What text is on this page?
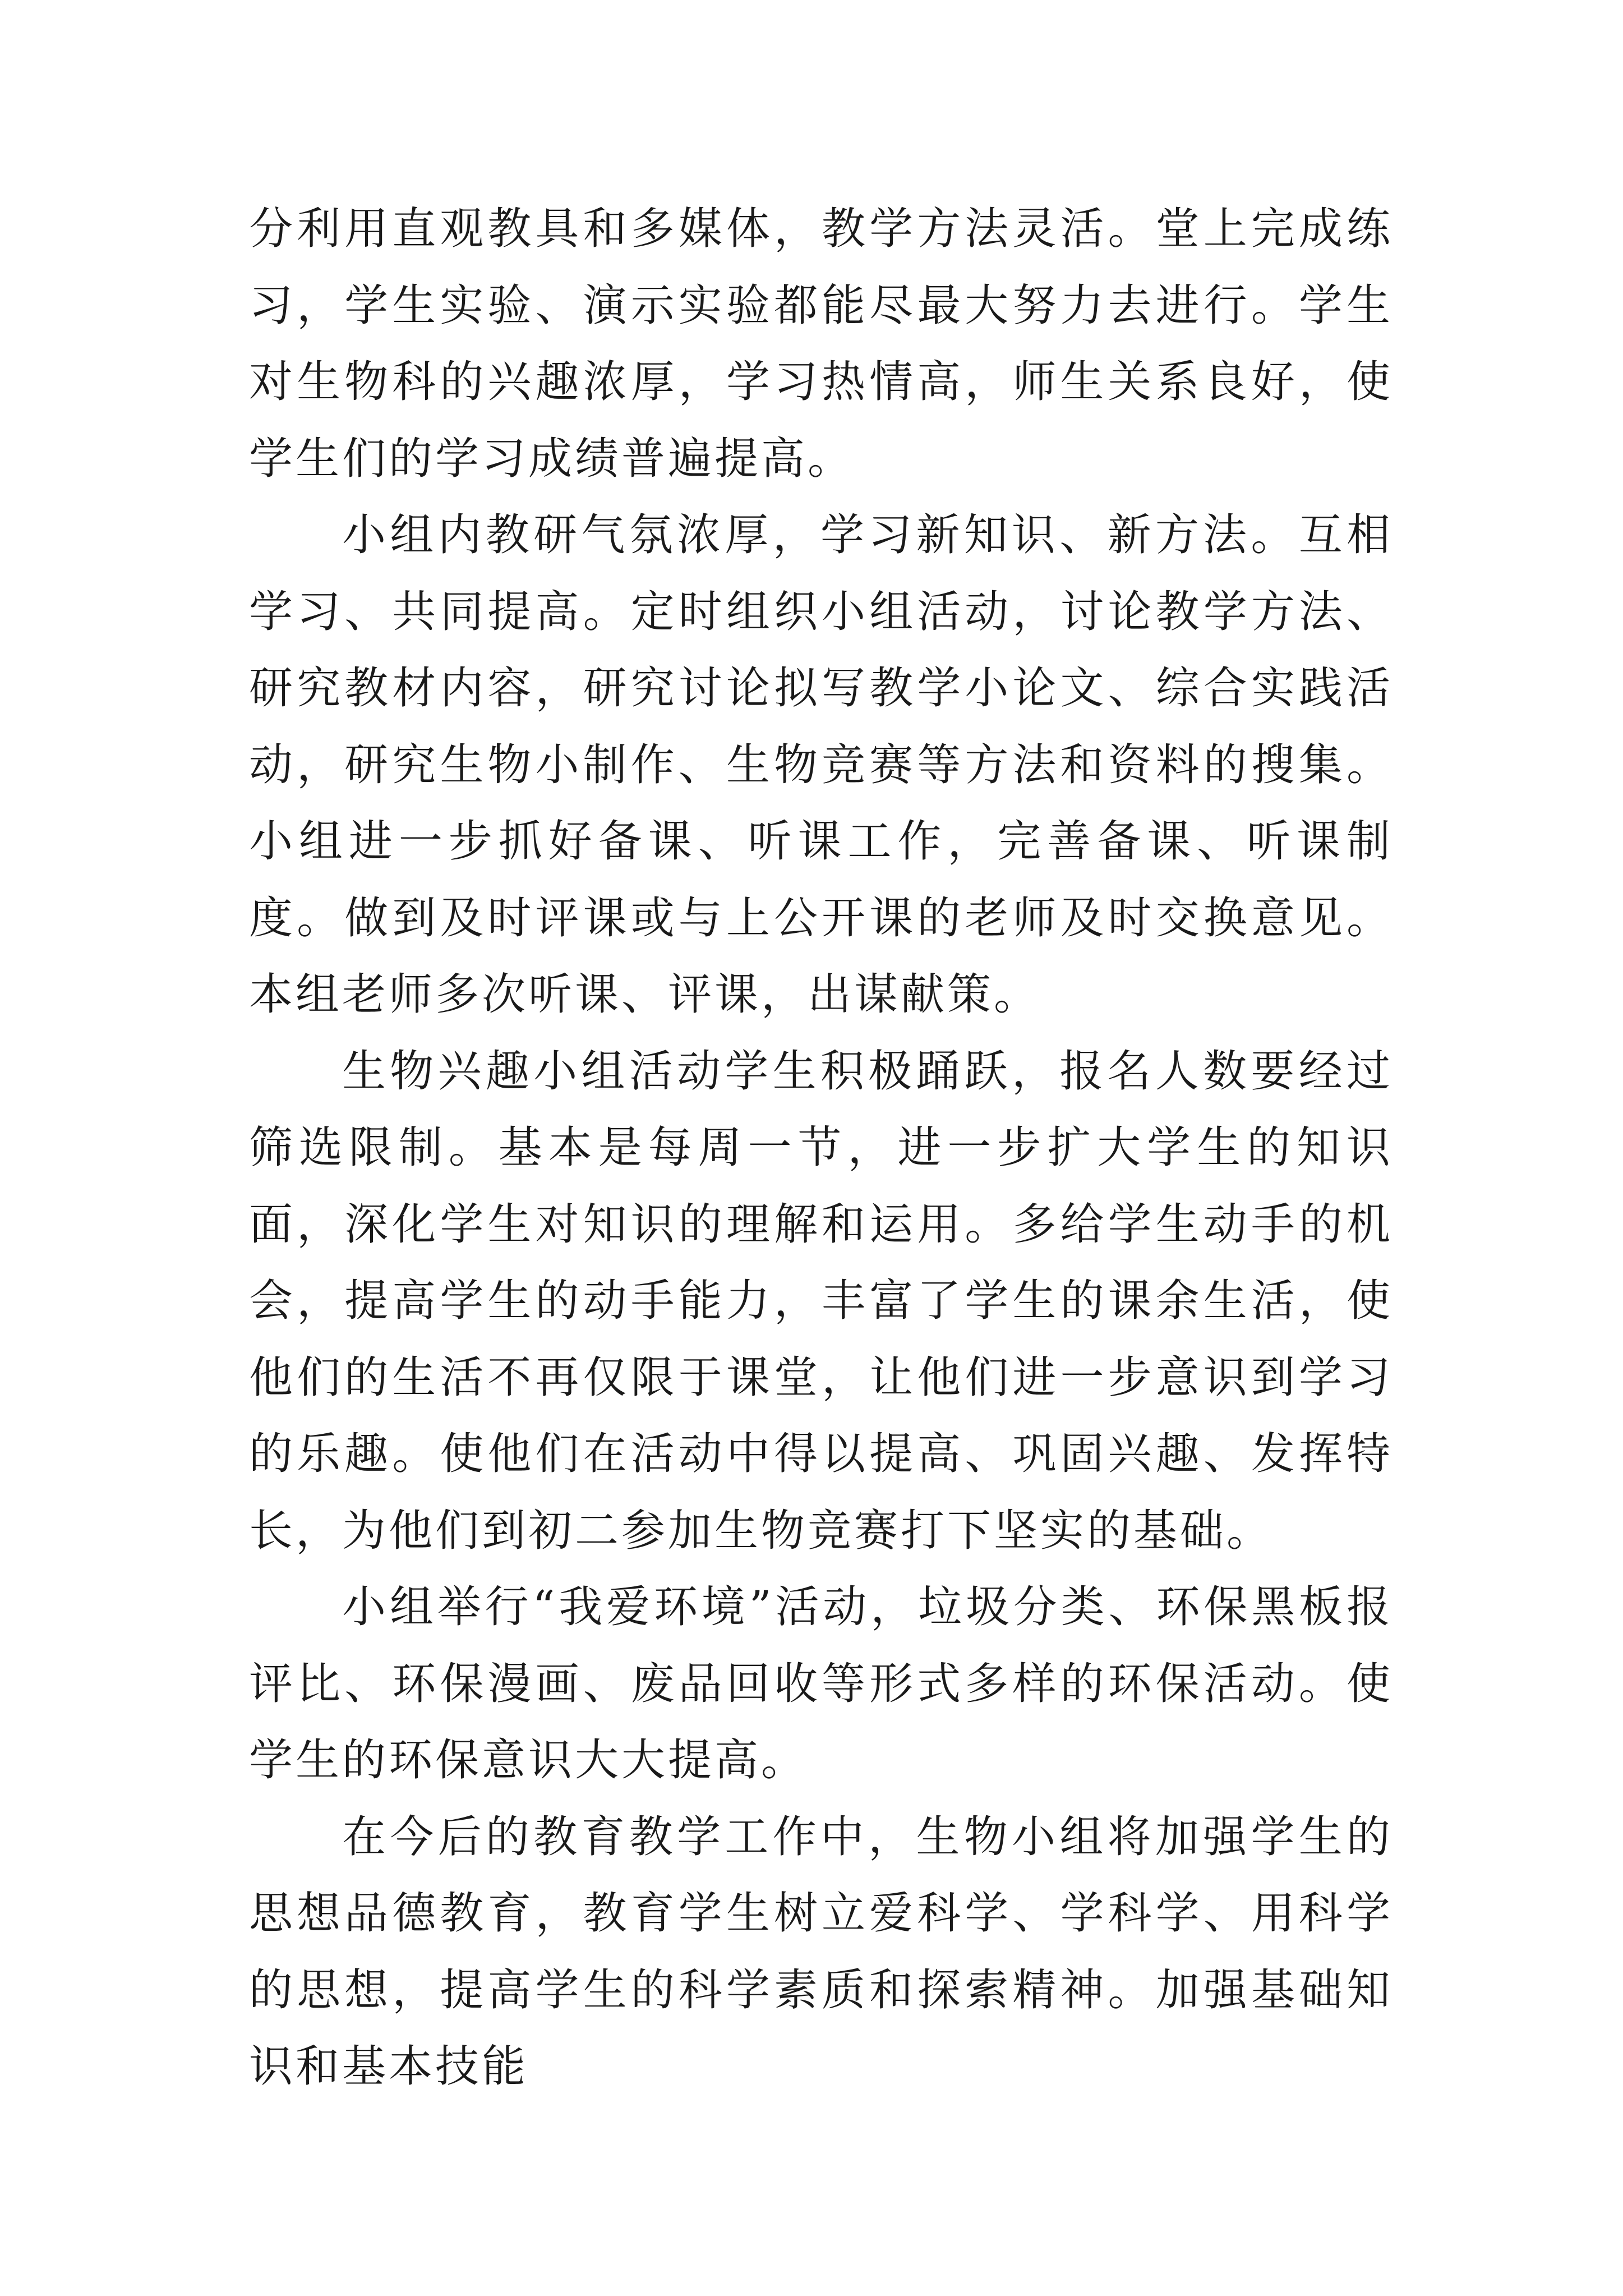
分利用直观教具和多媒体，教学方法灵活。堂上完成练习，学生实验、演示实验都能尽最大努力去进行。学生对生物科的兴趣浓厚，学习热情高，师生关系良好，使学生们的学习成绩普遍提高。

小组内教研气氛浓厚，学习新知识、新方法。互相学习、共同提高。定时组织小组活动，讨论教学方法、研究教材内容，研究讨论拟写教学小论文、综合实践活动，研究生物小制作、生物竞赛等方法和资料的搜集。小组进一步抓好备课、听课工作，完善备课、听课制度。做到及时评课或与上公开课的老师及时交换意见。本组老师多次听课、评课，出谋献策。

生物兴趣小组活动学生积极踊跃，报名人数要经过筛选限制。基本是每周一节，进一步扩大学生的知识面，深化学生对知识的理解和运用。多给学生动手的机会，提高学生的动手能力，丰富了学生的课余生活，使他们的生活不再仅限于课堂，让他们进一步意识到学习的乐趣。使他们在活动中得以提高、巩固兴趣、发挥特长，为他们到初二参加生物竞赛打下坚实的基础。

小组举行“我爱环境”活动，垃圾分类、环保黑板报评比、环保漫画、废品回收等形式多样的环保活动。使学生的环保意识大大提高。

在今后的教育教学工作中，生物小组将加强学生的思想品德教育，教育学生树立爱科学、学科学、用科学的思想，提高学生的科学素质和探索精神。加强基础知识和基本技能
